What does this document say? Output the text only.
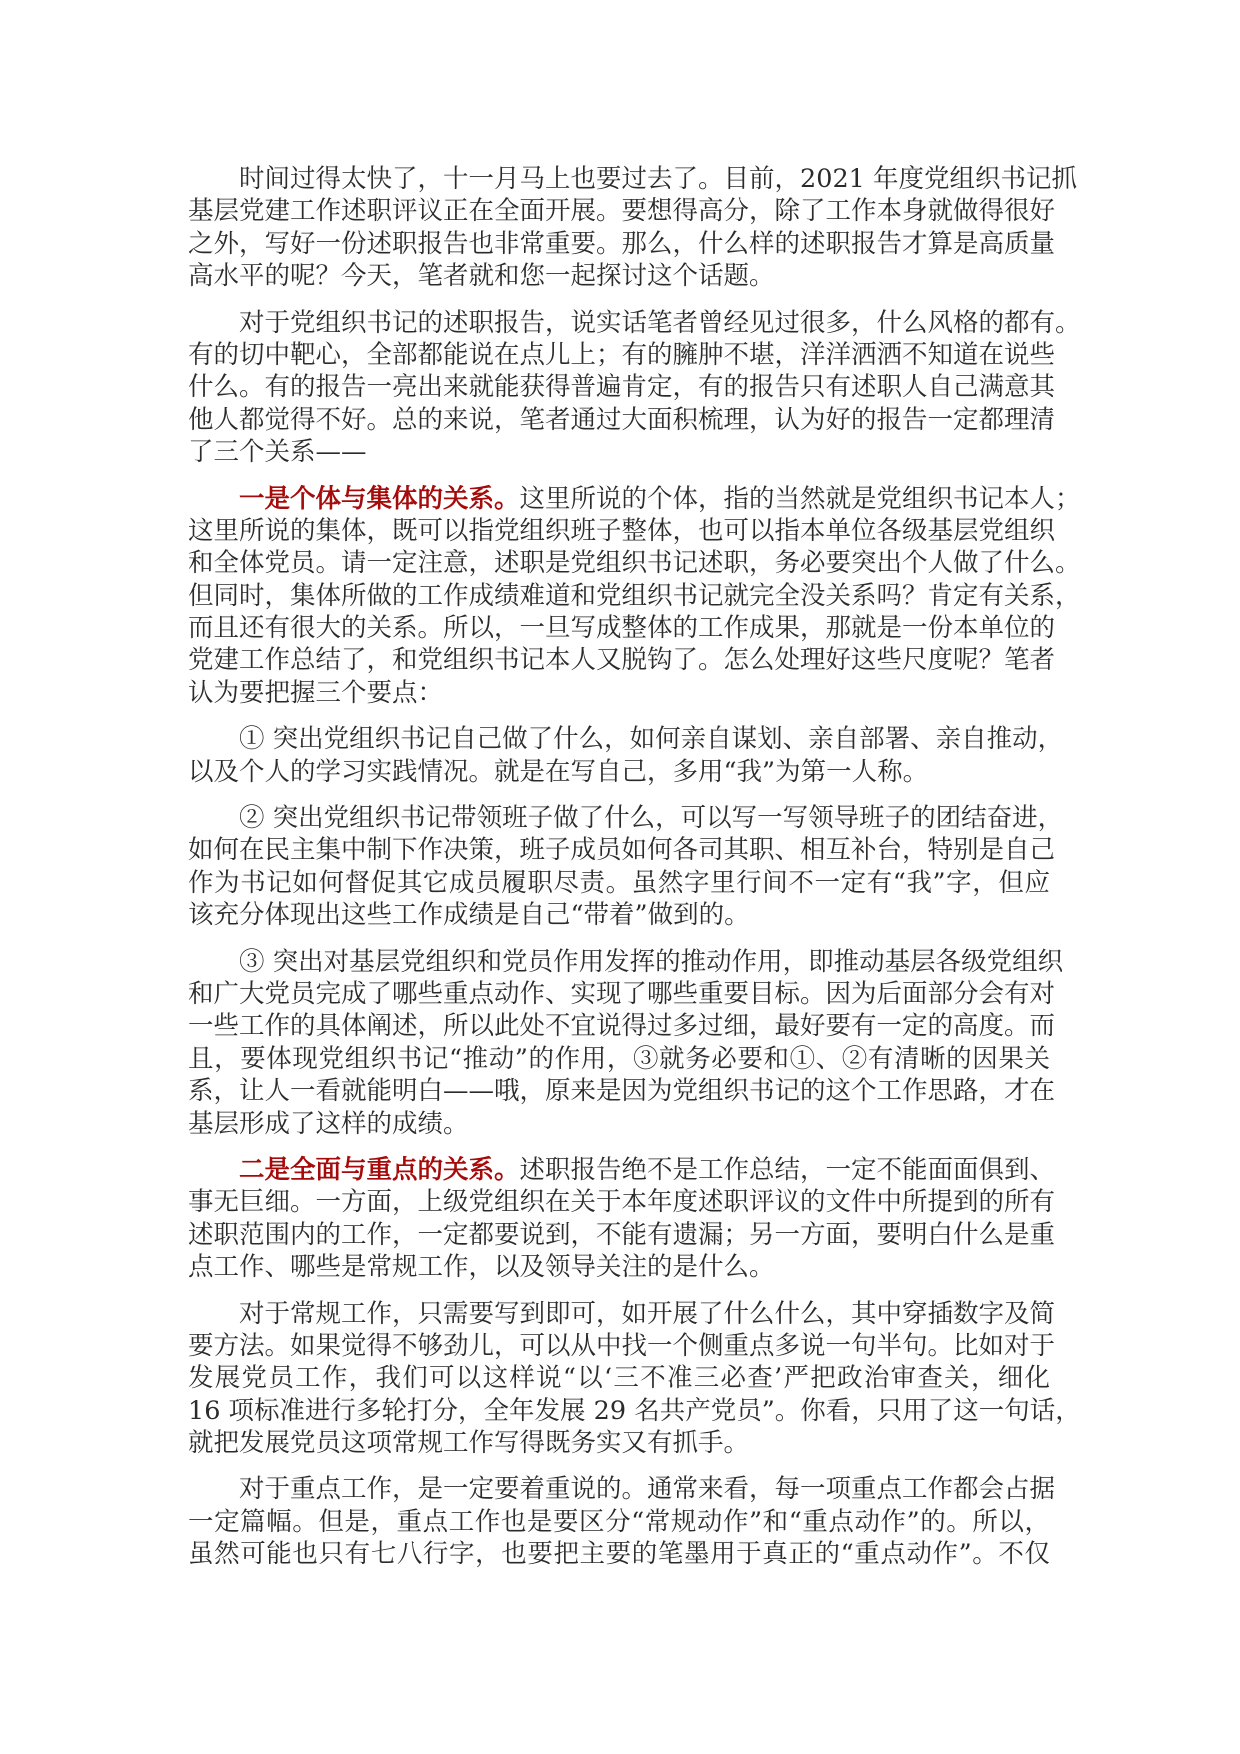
时间过得太快了，十一月马上也要过去了。目前，2021 年度党组织书记抓
基层党建工作述职评议正在全面开展。要想得高分，除了工作本身就做得很好
之外，写好一份述职报告也非常重要。那么，什么样的述职报告才算是高质量
高水平的呢？今天，笔者就和您一起探讨这个话题。
对于党组织书记的述职报告，说实话笔者曾经见过很多，什么风格的都有。
有的切中靶心，全部都能说在点儿上；有的臃肿不堪，洋洋洒洒不知道在说些
什么。有的报告一亮出来就能获得普遍肯定，有的报告只有述职人自己满意其
他人都觉得不好。总的来说，笔者通过大面积梳理，认为好的报告一定都理清
了三个关系——
一是个体与集体的关系。这里所说的个体，指的当然就是党组织书记本人；
这里所说的集体，既可以指党组织班子整体，也可以指本单位各级基层党组织
和全体党员。请一定注意，述职是党组织书记述职，务必要突出个人做了什么。
但同时，集体所做的工作成绩难道和党组织书记就完全没关系吗？肯定有关系，
而且还有很大的关系。所以，一旦写成整体的工作成果，那就是一份本单位的
党建工作总结了，和党组织书记本人又脱钩了。怎么处理好这些尺度呢？笔者
认为要把握三个要点：
① 突出党组织书记自己做了什么，如何亲自谋划、亲自部署、亲自推动，
以及个人的学习实践情况。就是在写自己，多用“我”为第一人称。
② 突出党组织书记带领班子做了什么，可以写一写领导班子的团结奋进，
如何在民主集中制下作决策，班子成员如何各司其职、相互补台，特别是自己
作为书记如何督促其它成员履职尽责。虽然字里行间不一定有“我”字，但应
该充分体现出这些工作成绩是自己“带着”做到的。
③ 突出对基层党组织和党员作用发挥的推动作用，即推动基层各级党组织
和广大党员完成了哪些重点动作、实现了哪些重要目标。因为后面部分会有对
一些工作的具体阐述，所以此处不宜说得过多过细，最好要有一定的高度。而
且，要体现党组织书记“推动”的作用，③就务必要和①、②有清晰的因果关
系，让人一看就能明白——哦，原来是因为党组织书记的这个工作思路，才在
基层形成了这样的成绩。
二是全面与重点的关系。述职报告绝不是工作总结，一定不能面面俱到、
事无巨细。一方面，上级党组织在关于本年度述职评议的文件中所提到的所有
述职范围内的工作，一定都要说到，不能有遗漏；另一方面，要明白什么是重
点工作、哪些是常规工作，以及领导关注的是什么。
对于常规工作，只需要写到即可，如开展了什么什么，其中穿插数字及简
要方法。如果觉得不够劲儿，可以从中找一个侧重点多说一句半句。比如对于
发展党员工作，我们可以这样说“以‘三不准三必查’严把政治审查关，细化
16 项标准进行多轮打分，全年发展 29 名共产党员”。你看，只用了这一句话，
就把发展党员这项常规工作写得既务实又有抓手。
对于重点工作，是一定要着重说的。通常来看，每一项重点工作都会占据
一定篇幅。但是，重点工作也是要区分“常规动作”和“重点动作”的。所以，
虽然可能也只有七八行字，也要把主要的笔墨用于真正的“重点动作”。不仅
